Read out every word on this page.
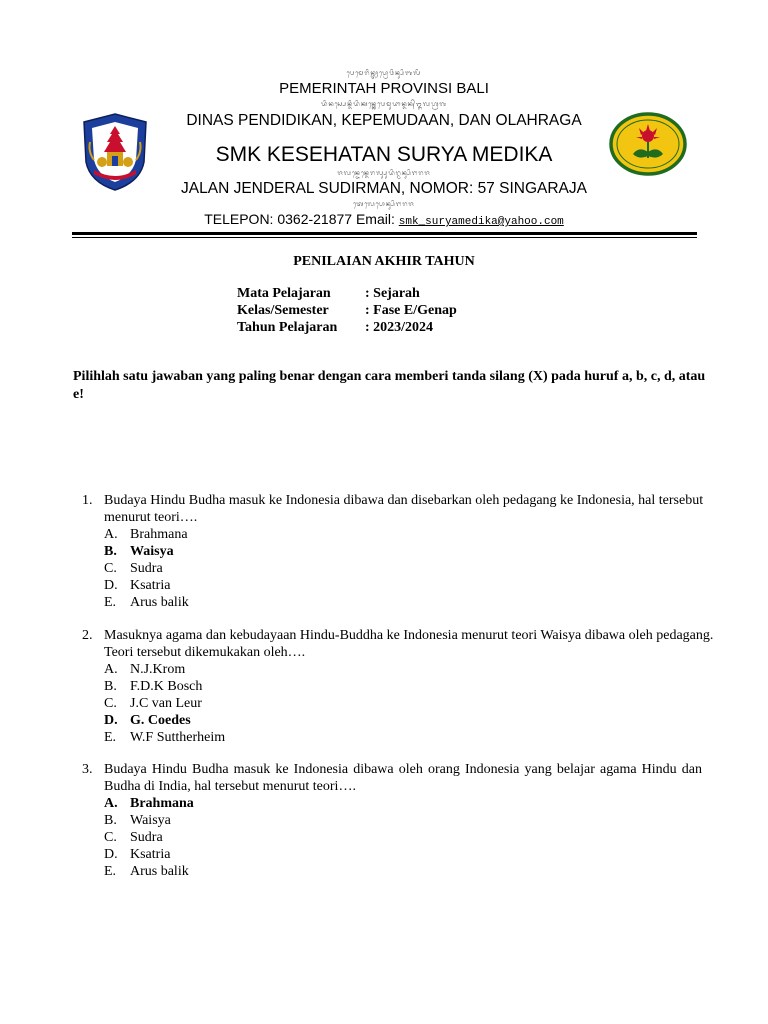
ᬧᬾᬫᬾᬭᬶᬦ᭄ᬢᬄᬧ᭄ᬭᭀᬯᬶᬦ᭄ᬲᬶᬩᬮᬶ
PEMERINTAH PROVINSI BALI
ᬤᬶᬦᬲ᭄ᬧᬾᬦ᭄ᬤᬶᬤᬶᬓᬦ᭄ᬓᬾᬧᬾᬫᬸᬤᬵᬦ᭄ᬤᬦ᭄ᬑᬮᬳ᭄ᬭᬕ
DINAS PENDIDIKAN, KEPEMUDAAN, DAN OLAHRAGA
SMK KESEHATAN SURYA MEDIKA
ᬚᬮᬦ᭄ᬚᬾᬦ᭄ᬤᬾᬭᬮ᭄ᬲᬸᬤᬶᬭ᭄ᬫᬦ᭄ᬲᬶᬗᬭᬚ
JALAN JENDERAL SUDIRMAN, NOMOR: 57 SINGARAJA
ᬢᬾᬮᬾᬧᭀᬦ᭄ᬲᬶᬗᬭᬚ
TELEPON: 0362-21877 Email: smk_suryamedika@yahoo.com
PENILAIAN AKHIR TAHUN
Mata Pelajaran : Sejarah
Kelas/Semester	: Fase E/Genap
Tahun Pelajaran : 2023/2024
Pilihlah satu jawaban yang paling benar dengan cara memberi tanda silang (X) pada huruf a, b, c, d, atau e!
1. Budaya Hindu Budha masuk ke Indonesia dibawa dan disebarkan oleh pedagang ke Indonesia, hal tersebut menurut teori….
A. Brahmana
B. Waisya
C. Sudra
D. Ksatria
E. Arus balik
2. Masuknya agama dan kebudayaan Hindu-Buddha ke Indonesia menurut teori Waisya dibawa oleh pedagang. Teori tersebut dikemukakan oleh….
A. N.J.Krom
B. F.D.K Bosch
C. J.C van Leur
D. G. Coedes
E. W.F Suttherheim
3. Budaya Hindu Budha masuk ke Indonesia dibawa oleh orang Indonesia yang belajar agama Hindu dan Budha di India, hal tersebut menurut teori….
A. Brahmana
B. Waisya
C. Sudra
D. Ksatria
E. Arus balik
